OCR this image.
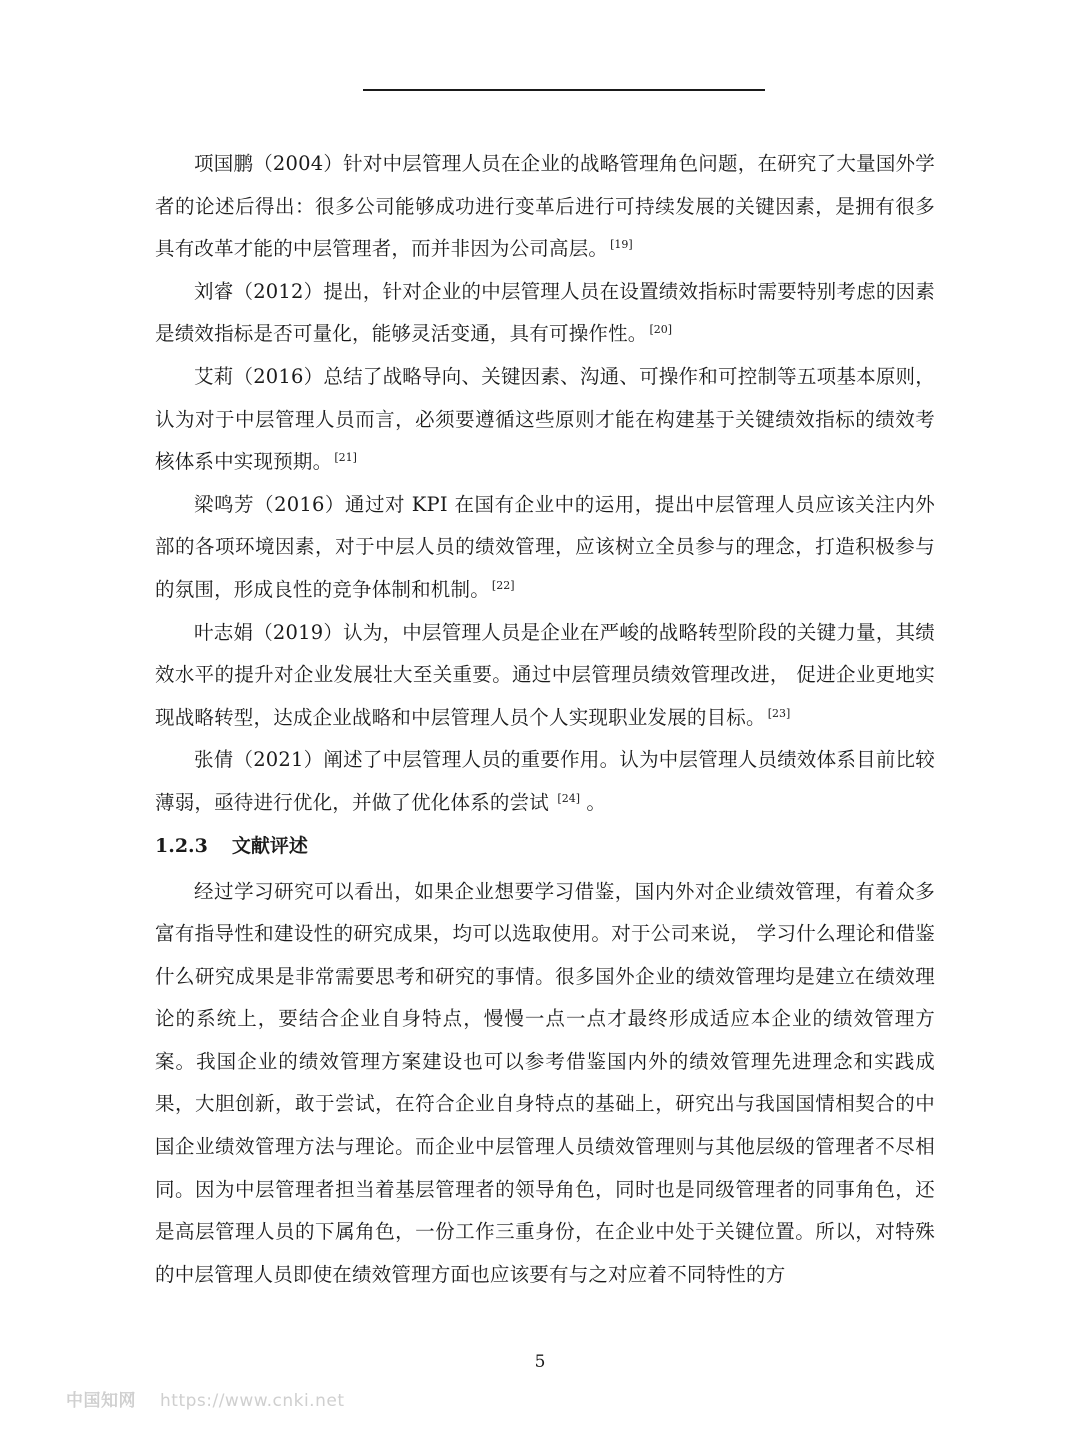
项国鹏（2004）针对中层管理人员在企业的战略管理角色问题，在研究了大量国外学者的论述后得出：很多公司能够成功进行变革后进行可持续发展的关键因素，是拥有很多具有改革才能的中层管理者，而并非因为公司高层。 [19]

刘睿（2012）提出，针对企业的中层管理人员在设置绩效指标时需要特别考虑的因素是绩效指标是否可量化，能够灵活变通，具有可操作性。 [20]

艾莉（2016）总结了战略导向、关键因素、沟通、可操作和可控制等五项基本原则，认为对于中层管理人员而言，必须要遵循这些原则才能在构建基于关键绩效指标的绩效考核体系中实现预期。 [21]

梁鸣芳（2016）通过对 KPI 在国有企业中的运用，提出中层管理人员应该关注内外部的各项环境因素，对于中层人员的绩效管理，应该树立全员参与的理念，打造积极参与的氛围，形成良性的竞争体制和机制。 [22]

叶志娟（2019）认为，中层管理人员是企业在严峻的战略转型阶段的关键力量，其绩效水平的提升对企业发展壮大至关重要。通过中层管理员绩效管理改进， 促进企业更地实现战略转型，达成企业战略和中层管理人员个人实现职业发展的目标。 [23]

张倩（2021）阐述了中层管理人员的重要作用。认为中层管理人员绩效体系目前比较薄弱，亟待进行优化，并做了优化体系的尝试 [24] 。

1.2.3 文献评述

经过学习研究可以看出，如果企业想要学习借鉴，国内外对企业绩效管理，有着众多富有指导性和建设性的研究成果，均可以选取使用。对于公司来说， 学习什么理论和借鉴什么研究成果是非常需要思考和研究的事情。很多国外企业的绩效管理均是建立在绩效理论的系统上，要结合企业自身特点，慢慢一点一点才最终形成适应本企业的绩效管理方案。我国企业的绩效管理方案建设也可以参考借鉴国内外的绩效管理先进理念和实践成果，大胆创新，敢于尝试，在符合企业自身特点的基础上，研究出与我国国情相契合的中国企业绩效管理方法与理论。而企业中层管理人员绩效管理则与其他层级的管理者不尽相同。因为中层管理者担当着基层管理者的领导角色，同时也是同级管理者的同事角色，还是高层管理人员的下属角色，一份工作三重身份，在企业中处于关键位置。所以，对特殊的中层管理人员即使在绩效管理方面也应该要有与之对应着不同特性的方

5
中国知网 https://www.cnki.net
